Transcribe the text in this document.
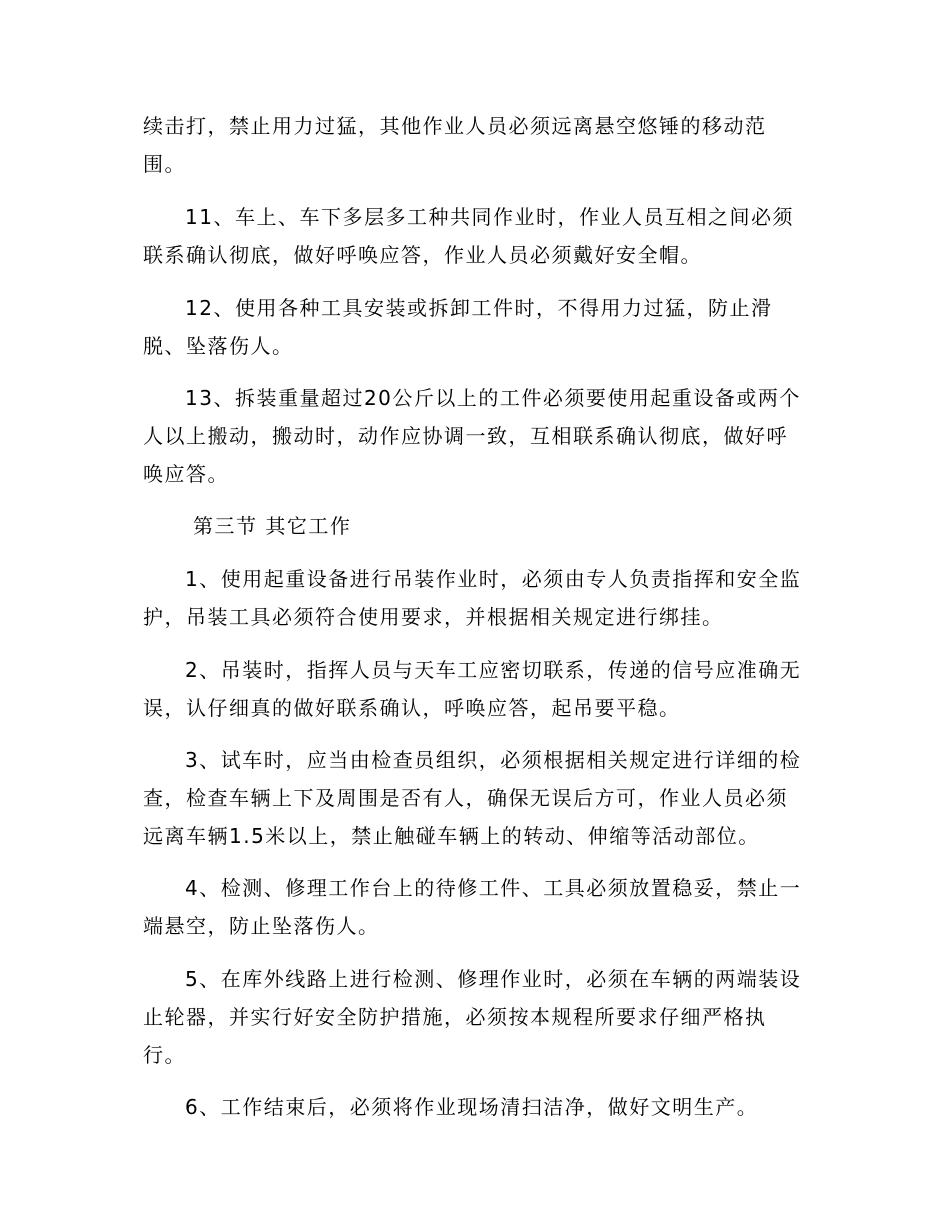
续击打，禁止用力过猛，其他作业人员必须远离悬空悠锤的移动范
围。
11、车上、车下多层多工种共同作业时，作业人员互相之间必须
联系确认彻底，做好呼唤应答，作业人员必须戴好安全帽。
12、使用各种工具安装或拆卸工件时，不得用力过猛，防止滑
脱、坠落伤人。
13、拆装重量超过20公斤以上的工件必须要使用起重设备或两个
人以上搬动，搬动时，动作应协调一致，互相联系确认彻底，做好呼
唤应答。
第三节 其它工作
1、使用起重设备进行吊装作业时，必须由专人负责指挥和安全监
护，吊装工具必须符合使用要求，并根据相关规定进行绑挂。
2、吊装时，指挥人员与天车工应密切联系，传递的信号应准确无
误，认仔细真的做好联系确认，呼唤应答，起吊要平稳。
3、试车时，应当由检查员组织，必须根据相关规定进行详细的检
查，检查车辆上下及周围是否有人，确保无误后方可，作业人员必须
远离车辆1.5米以上，禁止触碰车辆上的转动、伸缩等活动部位。
4、检测、修理工作台上的待修工件、工具必须放置稳妥，禁止一
端悬空，防止坠落伤人。
5、在库外线路上进行检测、修理作业时，必须在车辆的两端装设
止轮器，并实行好安全防护措施，必须按本规程所要求仔细严格执
行。
6、工作结束后，必须将作业现场清扫洁净，做好文明生产。
